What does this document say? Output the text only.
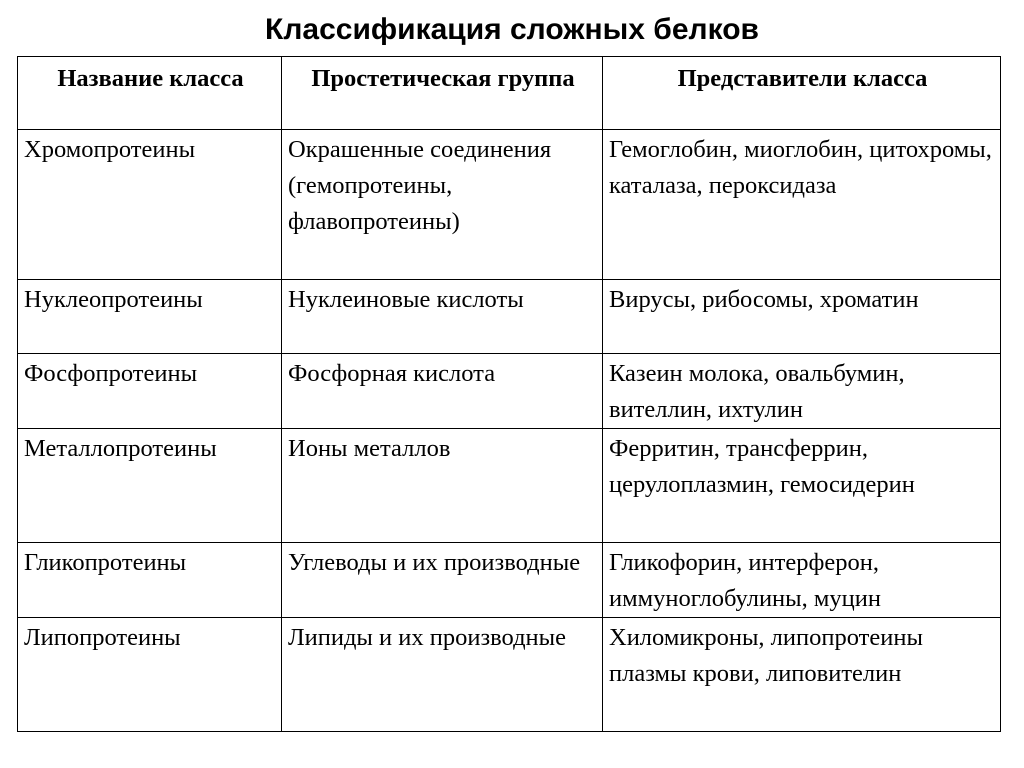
Классификация сложных белков
Название класса	Простетическая группа	Представители класса
Хромопротеины	Окрашенные соединения (гемопротеины, флавопротеины)	Гемоглобин, миоглобин, цитохромы, каталаза, пероксидаза
Нуклеопротеины	Нуклеиновые кислоты	Вирусы, рибосомы, хроматин
Фосфопротеины	Фосфорная кислота	Казеин молока, овальбумин, вителлин, ихтулин
Металлопротеины	Ионы металлов	Ферритин, трансферрин, церулоплазмин, гемосидерин
Гликопротеины	Углеводы и их производные	Гликофорин, интерферон, иммуноглобулины, муцин
Липопротеины	Липиды и их производные	Хиломикроны, липопротеины плазмы крови, липовителин
